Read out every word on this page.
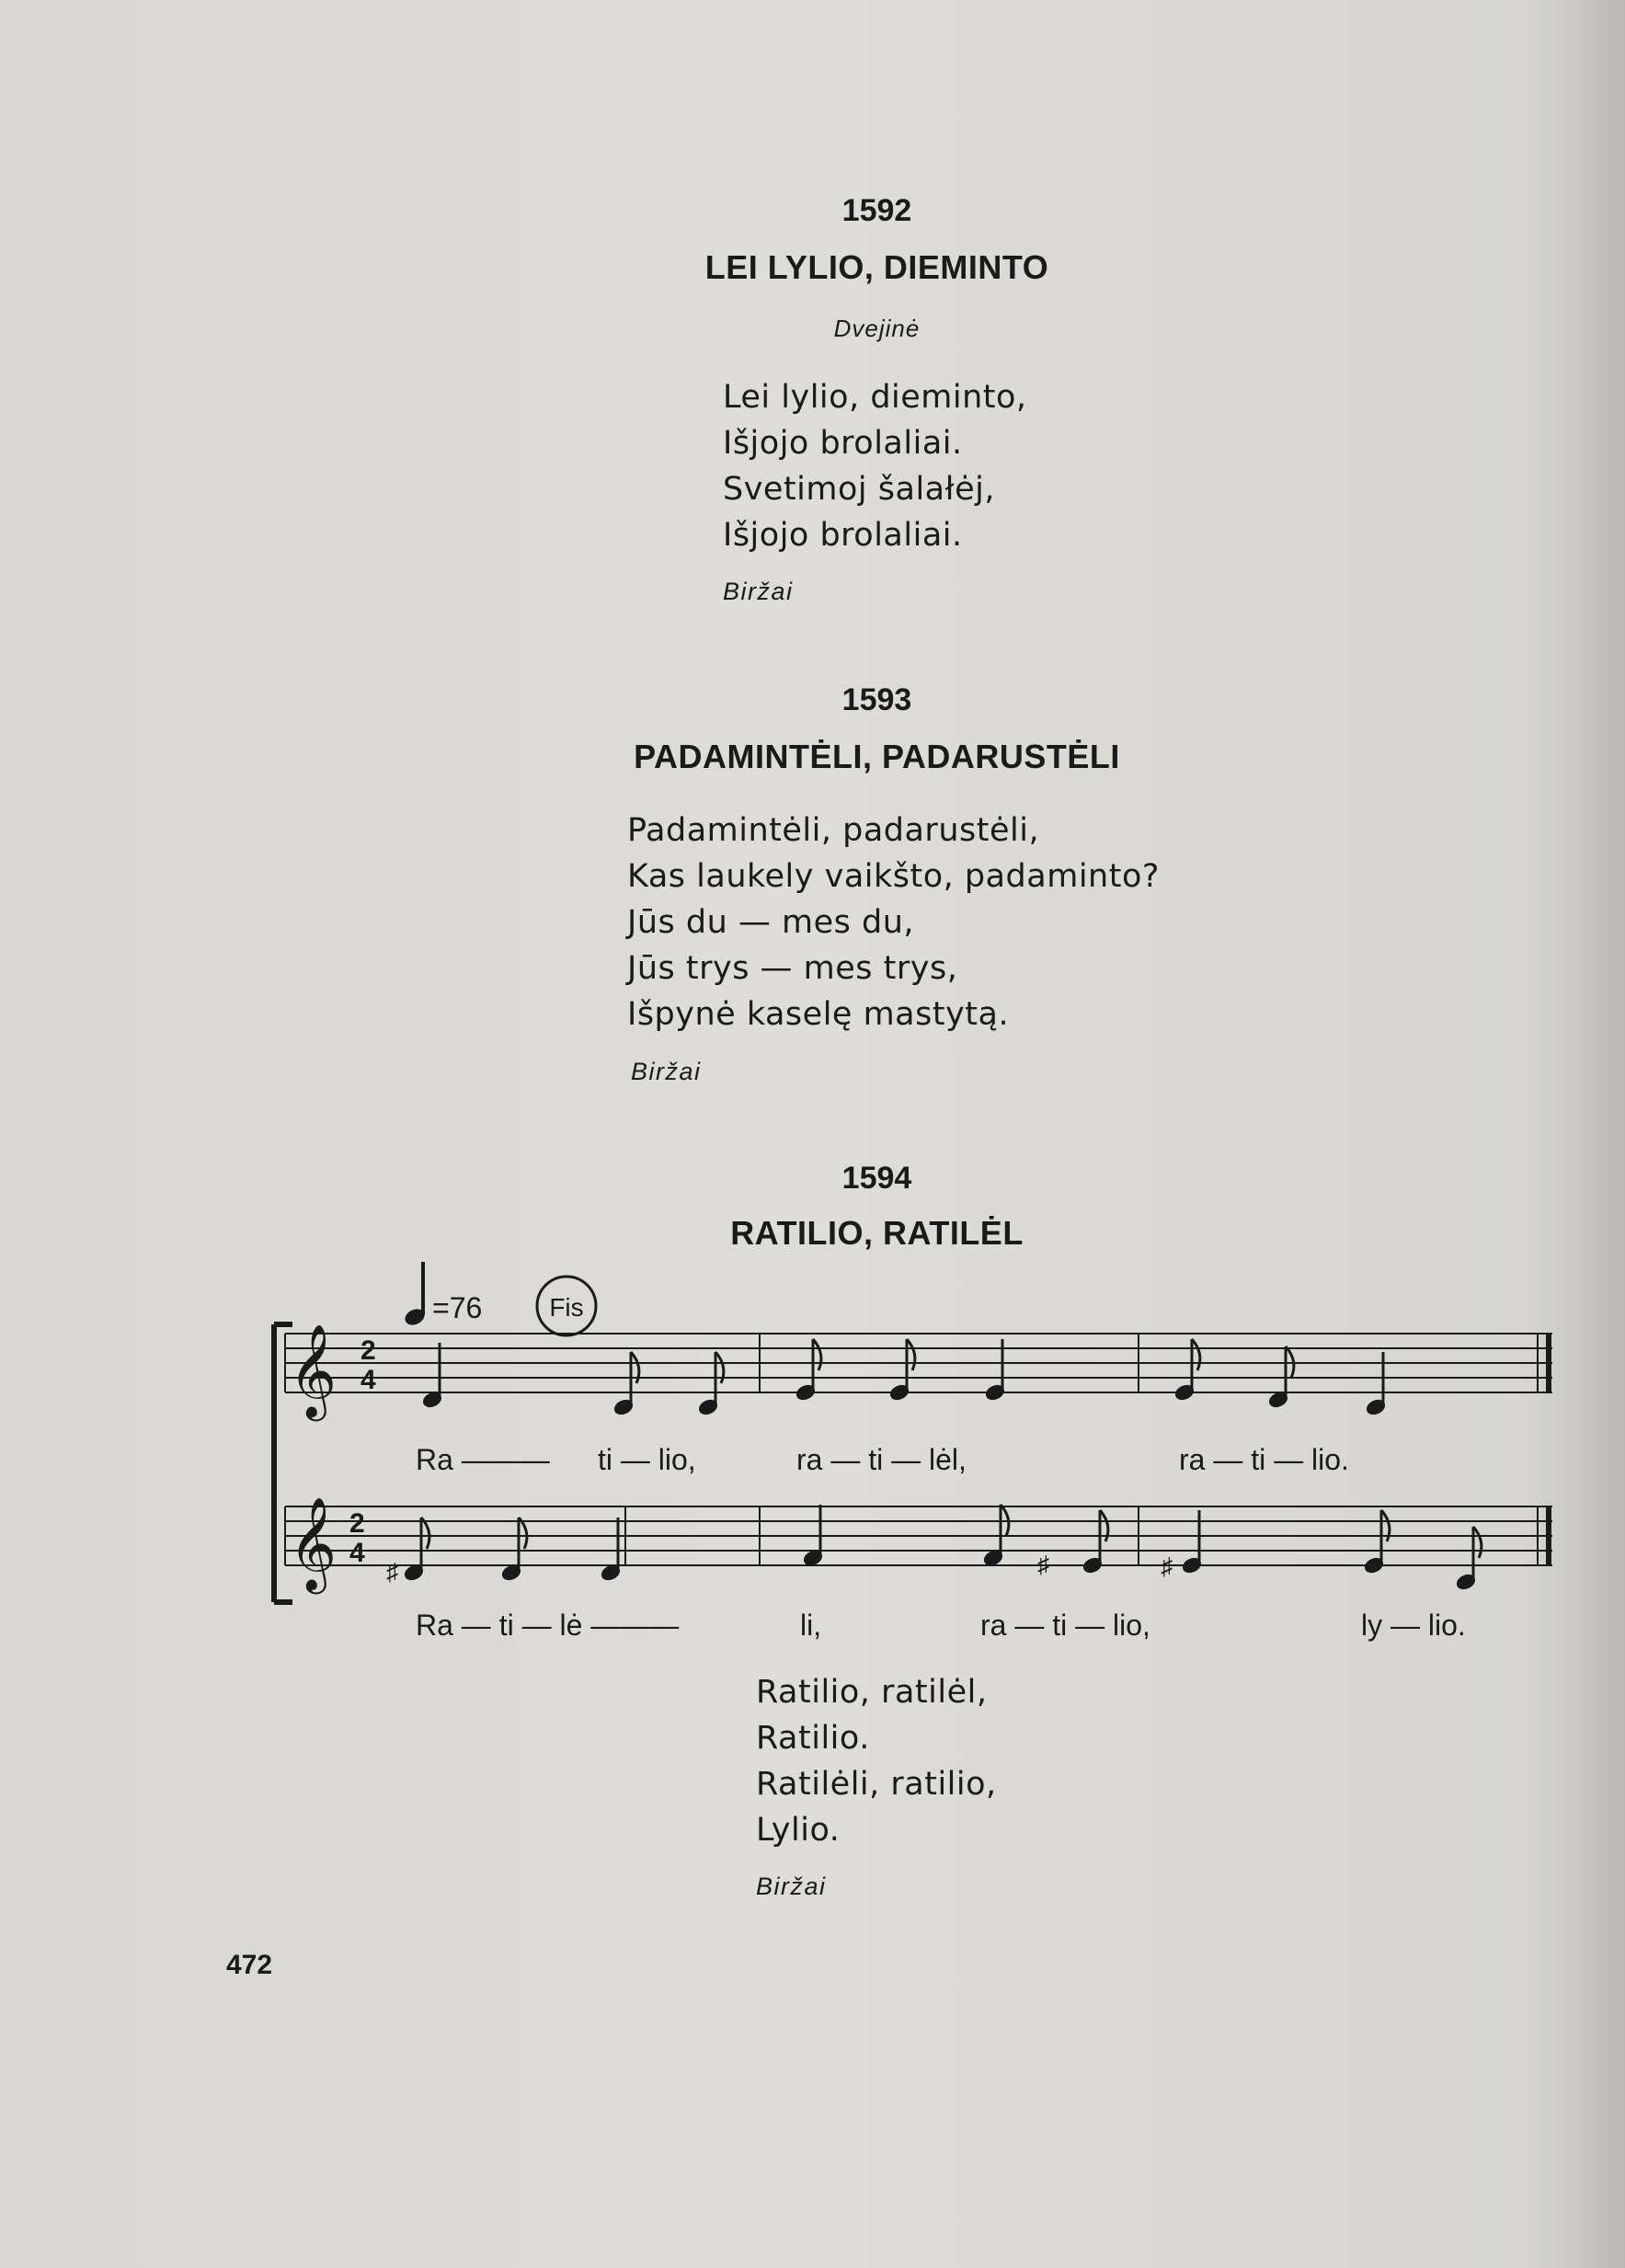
1592
LEI LYLIO, DIEMINTO
Dvejinė
Lei lylio, dieminto,
Išjojo brolaliai.
Svetimoj šalałėj,
Išjojo brolaliai.
Biržai
1593
PADAMINTĖLI, PADARUSTĖLI
Padamintėli, padarustėli,
Kas laukely vaikšto, padaminto?
Jūs du — mes du,
Jūs trys — mes trys,
Išpynė kaselę mastytą.
Biržai
1594
RATILIO, RATILĖL
=76	Fis
𝄞 2
4
Ra ——— ti — lio,	ra — ti — lėl,	ra — ti — lio.
𝄞 2
4
♯	♯	♯
Ra — ti — lė ———	li,	ra — ti — lio,	ly — lio.
Ratilio, ratilėl,
Ratilio.
Ratilėli, ratilio,
Lylio.
Biržai
472
